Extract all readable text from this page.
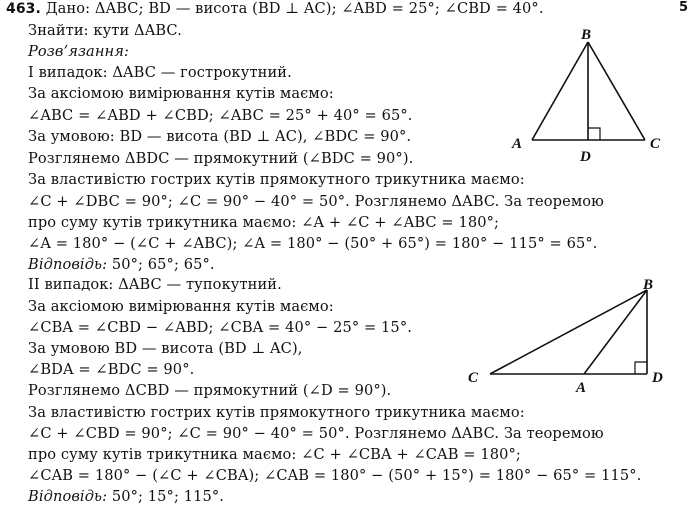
463. Дано: ΔABC; BD — висота (BD ⊥ AC); ∠ABD = 25°; ∠CBD = 40°.
Знайти: кути ΔABC.
Розв’язання:
І випадок: ΔABC — гострокутний.
За аксіомою вимірювання кутів маємо:
∠ABC = ∠ABD + ∠CBD; ∠ABC = 25° + 40° = 65°.
За умовою: BD — висота (BD ⊥ AC), ∠BDC = 90°.
Розглянемо ΔBDC — прямокутний (∠BDC = 90°).
За властивістю гострих кутів прямокутного трикутника маємо:
∠C + ∠DBC = 90°; ∠C = 90° − 40° = 50°. Розглянемо ΔABC. За теоремою
про суму кутів трикутника маємо: ∠A + ∠C + ∠ABC = 180°;
∠A = 180° − (∠C + ∠ABC); ∠A = 180° − (50° + 65°) = 180° − 115° = 65°.
Відповідь: 50°; 65°; 65°.
B
A	C
D
ІІ випадок: ΔABC — тупокутний.
За аксіомою вимірювання кутів маємо:
∠CBA = ∠CBD − ∠ABD; ∠CBA = 40° − 25° = 15°.
За умовою BD — висота (BD ⊥ AC),
∠BDA = ∠BDC = 90°.
Розглянемо ΔCBD — прямокутний (∠D = 90°).
За властивістю гострих кутів прямокутного трикутника маємо:
∠C + ∠CBD = 90°; ∠C = 90° − 40° = 50°. Розглянемо ΔABC. За теоремою
про суму кутів трикутника маємо: ∠C + ∠CBA + ∠CAB = 180°;
∠CAB = 180° − (∠C + ∠CBA); ∠CAB = 180° − (50° + 15°) = 180° − 65° = 115°.
Відповідь: 50°; 15°; 115°.
B
C
A
D
5
